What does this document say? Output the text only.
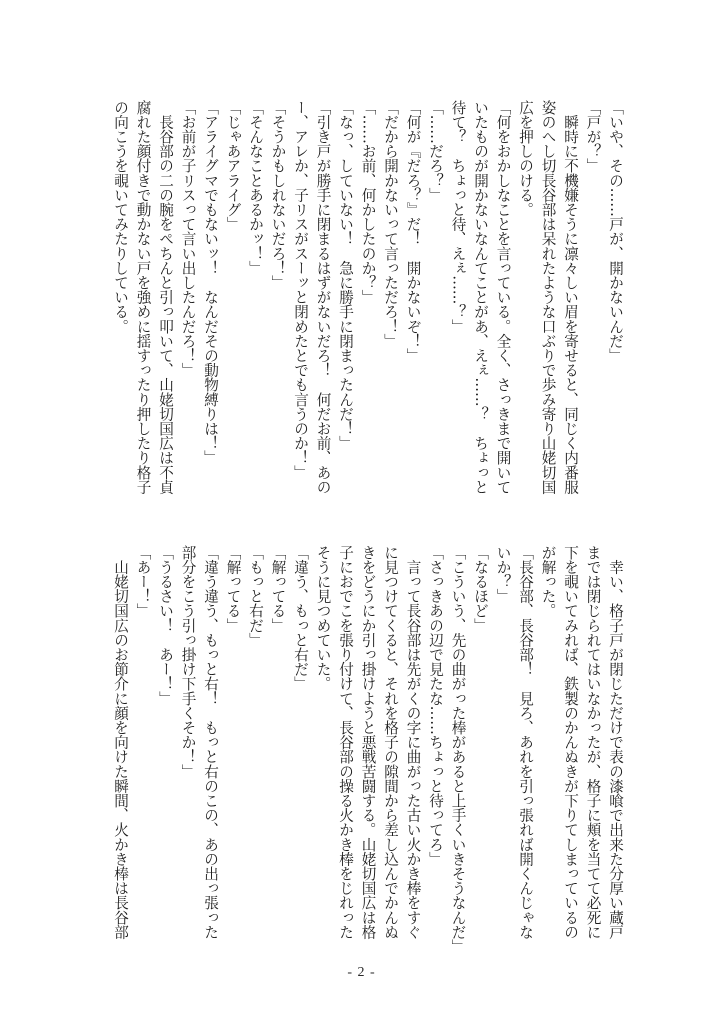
「いや、その……戸が、開かないんだ」
「戸が？」
　瞬時に不機嫌そうに凛々しい眉を寄せると、同じく内番服
姿のへし切長谷部は呆れたような口ぶりで歩み寄り山姥切国
広を押しのける。
「何をおかしなことを言っている。全く、さっきまで開いて
いたものが開かないなんてことがあ、えぇ……？　ちょっと
待て？　ちょっと待、えぇ……？」
「……だろ？」
「何が『だろ？』だ！　開かないぞ！」
「だから開かないって言っただろ！」
「……お前、何かしたのか？」
「なっ、していない！　急に勝手に閉まったんだ！」
「引き戸が勝手に閉まるはずがないだろ！　何だお前、あの
ー、アレか、子リスがスーッと閉めたとでも言うのか！」
「そうかもしれないだろ！」
「そんなことあるかッ！」
「じゃあアライグ」
「アライグマでもないッ！　なんだその動物縛りは！」
「お前が子リスって言い出したんだろ！」
　長谷部の二の腕をぺちんと引っ叩いて、山姥切国広は不貞
腐れた顔付きで動かない戸を強めに揺すったり押したり格子
の向こうを覗いてみたりしている。
　幸い、格子戸が閉じただけで表の漆喰で出来た分厚い蔵戸
までは閉じられてはいなかったが、格子に頬を当てて必死に
下を覗いてみれば、鉄製のかんぬきが下りてしまっているの
が解った。
「長谷部、長谷部！　見ろ、あれを引っ張れば開くんじゃな
いか？」
「なるほど」
「こういう、先の曲がった棒があると上手くいきそうなんだ」
「さっきあの辺で見たな……ちょっと待ってろ」
　言って長谷部は先がくの字に曲がった古い火かき棒をすぐ
に見つけてくると、それを格子の隙間から差し込んでかんぬ
きをどうにか引っ掛けようと悪戦苦闘する。山姥切国広は格
子におでこを張り付けて、長谷部の操る火かき棒をじれった
そうに見つめていた。
「違う、もっと右だ」
「解ってる」
「もっと右だ」
「解ってる」
「違う違う、もっと右！　もっと右のこの、あの出っ張った
部分をこう引っ掛け下手くそか！」
「うるさい！　あー！」
「あー！」
　山姥切国広のお節介に顔を向けた瞬間、火かき棒は長谷部
- 2 -
